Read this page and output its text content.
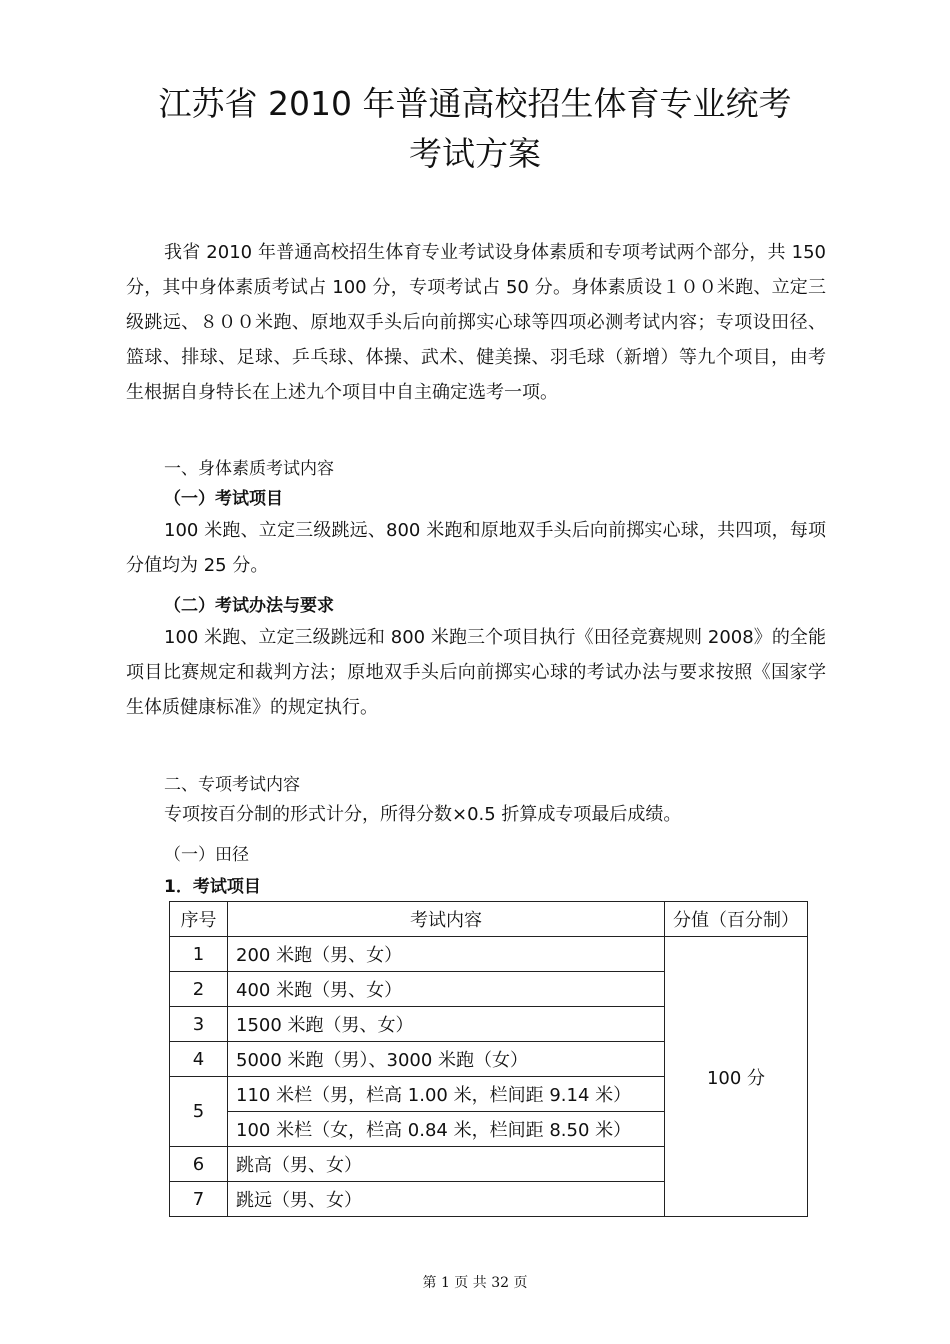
江苏省 2010 年普通高校招生体育专业统考
考试方案
我省 2010 年普通高校招生体育专业考试设身体素质和专项考试两个部分，共 150 分，其中身体素质考试占 100 分，专项考试占 50 分。身体素质设１００米跑、立定三级跳远、８００米跑、原地双手头后向前掷实心球等四项必测考试内容；专项设田径、篮球、排球、足球、乒乓球、体操、武术、健美操、羽毛球（新增）等九个项目，由考生根据自身特长在上述九个项目中自主确定选考一项。
一、身体素质考试内容
（一）考试项目
100 米跑、立定三级跳远、800 米跑和原地双手头后向前掷实心球，共四项，每项分值均为 25 分。
（二）考试办法与要求
100 米跑、立定三级跳远和 800 米跑三个项目执行《田径竞赛规则 2008》的全能项目比赛规定和裁判方法；原地双手头后向前掷实心球的考试办法与要求按照《国家学生体质健康标准》的规定执行。
二、专项考试内容
专项按百分制的形式计分，所得分数×0.5 折算成专项最后成绩。
（一）田径
1．考试项目
序号	考试内容	分值（百分制）
1	200 米跑（男、女）	100 分
2	400 米跑（男、女）	
3	1500 米跑（男、女）	
4	5000 米跑（男）、3000 米跑（女）	
5	110 米栏（男，栏高 1.00 米，栏间距 9.14 米）	
	100 米栏（女，栏高 0.84 米，栏间距 8.50 米）	
6	跳高（男、女）	
7	跳远（男、女）	
第 1 页 共 32 页
